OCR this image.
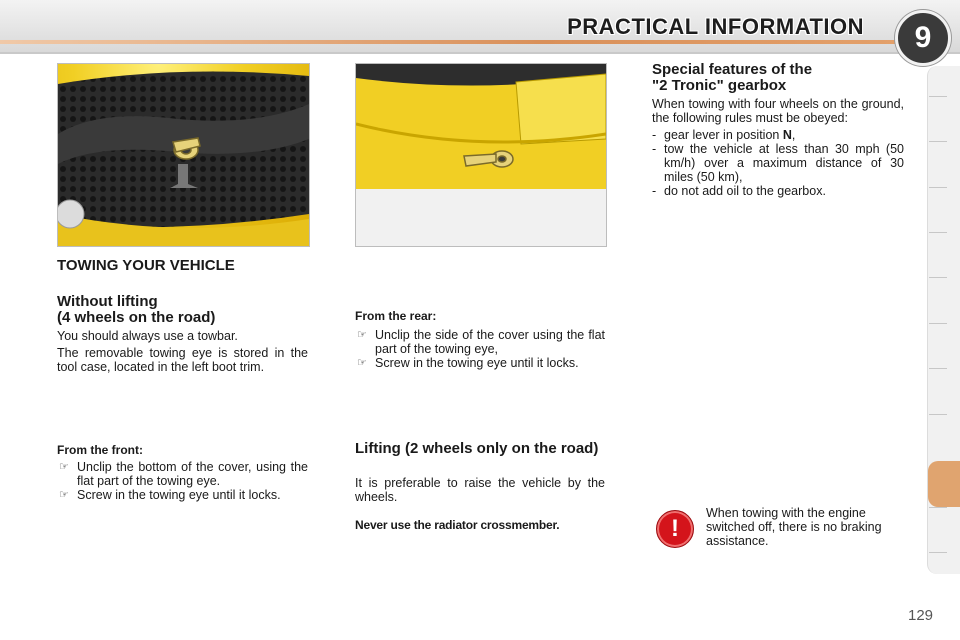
PRACTICAL INFORMATION	9
TOWING YOUR VEHICLE
Without lifting
(4 wheels on the road)
You should always use a towbar.
The removable towing eye is stored in the tool case, located in the left boot trim.
From the front:
☞ Unclip the bottom of the cover, using the flat part of the towing eye.
☞ Screw in the towing eye until it locks.
From the rear:
☞ Unclip the side of the cover using the flat part of the towing eye,
☞ Screw in the towing eye until it locks.
Lifting (2 wheels only on the road)
It is preferable to raise the vehicle by the wheels.
Never use the radiator crossmember.
Special features of the
"2 Tronic" gearbox
When towing with four wheels on the ground, the following rules must be obeyed:
- gear lever in position N,
- tow the vehicle at less than 30 mph (50 km/h) over a maximum distance of 30 miles (50 km),
- do not add oil to the gearbox.
!
When towing with the engine switched off, there is no braking assistance.
129
